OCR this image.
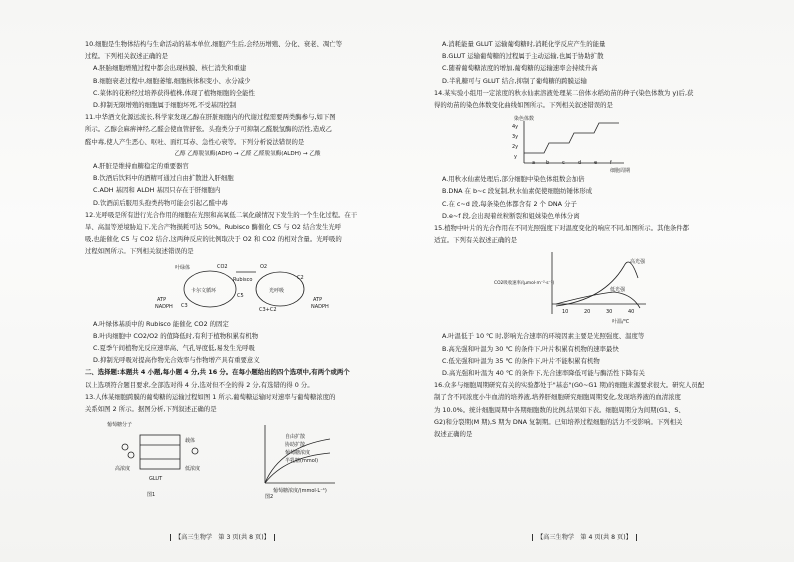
10.细胞是生物体结构与生命活动的基本单位,细胞产生后,会经历增殖、分化、衰老、凋亡等

过程。下列相关叙述正确的是

A.胚胎细胞增殖过程中都会出现核膜、核仁消失和重建

B.细胞衰老过程中,细胞萎缩,细胞核体积变小、水分减少

C.菜体的花粉经过培养获得植株,体现了植物细胞的全能性

D.抑制无限增殖的细胞属于细胞坏死,不受基因控制

11.中华酒文化源远流长,科学家发现乙醇在肝脏细胞内的代谢过程需要两类酶参与,如下图

所示。乙醇会麻痹神经,乙醛会使血管舒张。头孢类分子可抑制乙醛脱氢酶的活性,造成乙

醛中毒,使人产生恶心、呕吐、面红耳赤、急性心衰等。下列分析说法错误的是

乙醇 乙醇脱氢酶(ADH) → 乙醛 乙醛脱氢酶(ALDH) → 乙酸

A.肝脏是维持血糖稳定的重要器官

B.饮酒后饮料中的酒精可通过自由扩散进入肝细胞

C.ADH 基因和 ALDH 基因只存在于肝细胞内

D.饮酒前后服用头孢类药物可能会引起乙醛中毒

12.光呼吸是所有进行光合作用的细胞在光照和高氧低二氧化碳情况下发生的一个生化过程。在干

旱、高温等逆境胁迫下,光合产物损耗可达 50%。Rubisco 酶催化 C5 与 O2 结合发生光呼

吸,也能催化 C5 与 CO2 结合,这两种反应的比例取决于 O2 和 CO2 的相对含量。光呼吸的

过程如图所示。下列相关叙述错误的是

叶绿体
卡尔文循环	光呼吸
Rubisco
CO2	O2
C5
C3
C2
C3+C2
ATP
NADPH
ATP
NADPH

A.叶绿体基质中的 Rubisco 能催化 CO2 的固定

B.叶肉细胞中 CO2/O2 的值降低时,有利于植物积累有机物

C.夏季午间植物光反应速率高、气孔导度低,易发生光呼吸

D.抑制光呼吸对提高作物光合效率与作物增产具有重要意义

二、选择题:本题共 4 小题,每小题 4 分,共 16 分。在每小题给出的四个选项中,有两个或两个

以上选项符合题目要求,全部选对得 4 分,选对但不全的得 2 分,有选错的得 0 分。

13.人体某细胞跨膜的葡萄糖的运输过程如图 1 所示,葡萄糖运输时对速率与葡萄糖浓度的

关系如图 2 所示。据图分析,下列叙述正确的是

葡萄糖分子
高浓度
载体
低浓度
GLUT
图1
自由扩散
协助扩散
葡萄糖浓度
半乳糖(mmol)
葡萄糖浓度/(mmol·L⁻¹)
图2
【高三生物学　第 3 页(共 8 页)】

A.消耗能量 GLUT 运输葡萄糖时,消耗化学反应产生的能量

B.GLUT 运输葡萄糖的过程属于主动运输,也属于协助扩散

C.随着葡萄糖浓度的增加,葡萄糖的运输速率会持续升高

D.半乳糖可与 GLUT 结合,抑制了葡萄糖的跨膜运输

14.某实验小组用一定浓度的秋水仙素溶液处理某二倍体水稻幼苗的种子(染色体数为 y)后,获

得的幼苗的染色体数变化曲线如图所示。下列相关叙述错误的是

染色体数
细胞周期
4y
3y
2y
y
a b	c	d	e	f

A.用秋水仙素处理后,部分细胞中染色体组数会加倍

B.DNA 在 b~c 段复制,秋水仙素促使细胞纺锤体形成

C.在 c~d 段,每条染色体都含有 2 个 DNA 分子

D.e~f 段,会出现着丝粒断裂和姐妹染色单体分离

15.植物中叶片的光合作用在不同光照强度下对温度变化的响应不同,如图所示。其他条件都

适宜。下列有关叙述正确的是

高光强
低光强
10	20	30	40
叶温/℃
CO2吸收速率/(μmol·m⁻²·s⁻¹)

A.叶温低于 10 ℃ 时,影响光合速率的环境因素主要是光照强度、温度等

B.高光强和叶温为 30 ℃ 的条件下,叶片积累有机物的速率最快

C.低光强和叶温为 35 ℃ 的条件下,叶片不能积累有机物

D.高光强和叶温为 40 ℃ 的条件下,光合速率降低可能与酶活性下降有关

16.众多与细胞周期研究有关的实验都处于"基态"(G0~G1 期)的细胞来源要求很大。研究人员配

制了含不同浓度小牛血清的培养液,培养肝细胞研究细胞周期变化,发现培养液的血清浓度

为 10.0%。统计细胞周期中各期细胞数的比例,结果如下表。细胞周期分为间期(G1、S、

G2)和分裂期(M 期),S 期为 DNA 复制期。已知培养过程细胞的活力不受影响。下列相关

叙述正确的是

【高三生物学　第 4 页(共 8 页)】
